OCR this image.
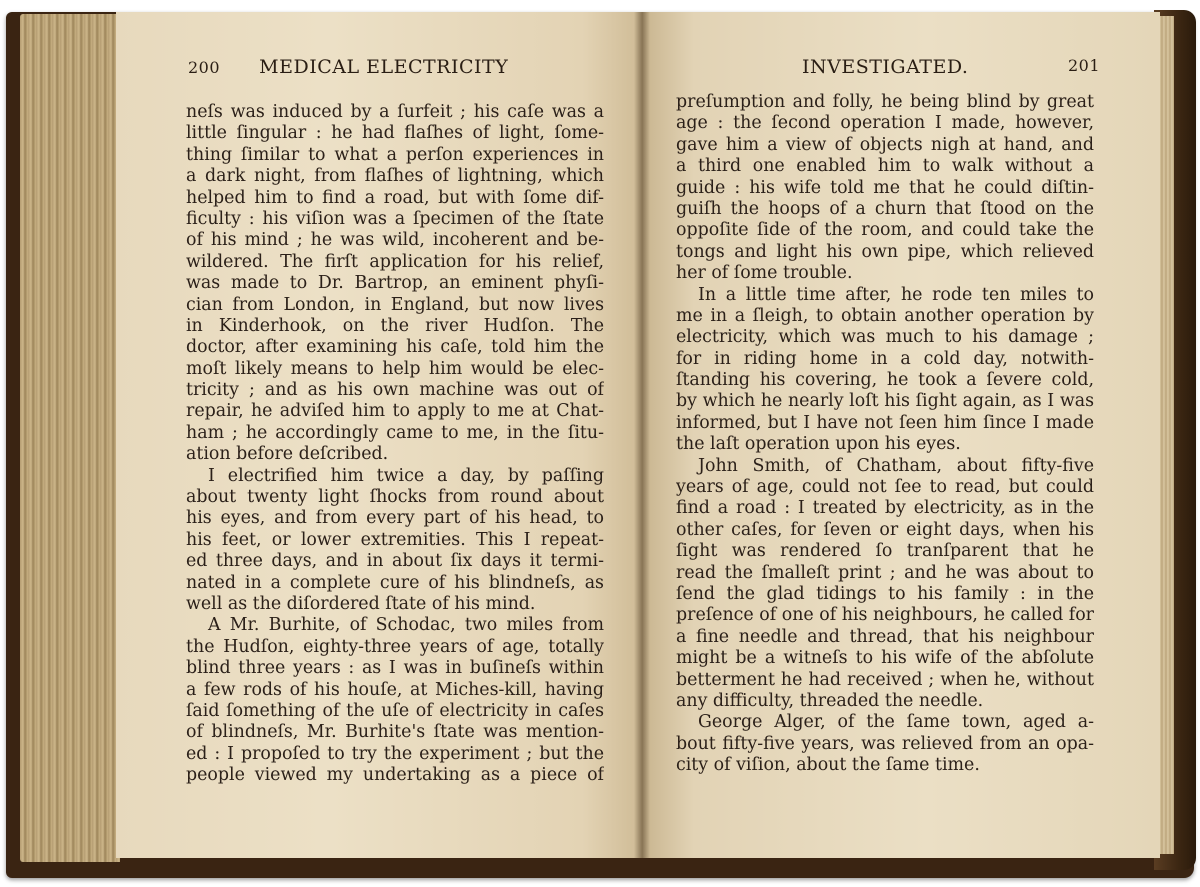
200 MEDICAL ELECTRICITY
neſs was induced by a ſurfeit ; his caſe was a
little ſingular : he had flaſhes of light, ſome-
thing ſimilar to what a perſon experiences in
a dark night, from flaſhes of lightning, which
helped him to find a road, but with ſome dif-
ficulty : his viſion was a ſpecimen of the ſtate
of his mind ; he was wild, incoherent and be-
wildered. The firſt application for his relief,
was made to Dr. Bartrop, an eminent phyſi-
cian from London, in England, but now lives
in Kinderhook, on the river Hudſon. The
doctor, after examining his caſe, told him the
moſt likely means to help him would be elec-
tricity ; and as his own machine was out of
repair, he adviſed him to apply to me at Chat-
ham ; he accordingly came to me, in the ſitu-
ation before deſcribed.
I electrified him twice a day, by paſſing
about twenty light ſhocks from round about
his eyes, and from every part of his head, to
his feet, or lower extremities. This I repeat-
ed three days, and in about ſix days it termi-
nated in a complete cure of his blindneſs, as
well as the diſordered ſtate of his mind.
A Mr. Burhite, of Schodac, two miles from
the Hudſon, eighty-three years of age, totally
blind three years : as I was in buſineſs within
a few rods of his houſe, at Miches-kill, having
ſaid ſomething of the uſe of electricity in caſes
of blindneſs, Mr. Burhite's ſtate was mention-
ed : I propoſed to try the experiment ; but the
people viewed my undertaking as a piece of
INVESTIGATED.	201
preſumption and folly, he being blind by great
age : the ſecond operation I made, however,
gave him a view of objects nigh at hand, and
a third one enabled him to walk without a
guide : his wife told me that he could diſtin-
guiſh the hoops of a churn that ſtood on the
oppoſite ſide of the room, and could take the
tongs and light his own pipe, which relieved
her of ſome trouble.
In a little time after, he rode ten miles to
me in a ſleigh, to obtain another operation by
electricity, which was much to his damage ;
for in riding home in a cold day, notwith-
ſtanding his covering, he took a ſevere cold,
by which he nearly loſt his ſight again, as I was
informed, but I have not ſeen him ſince I made
the laſt operation upon his eyes.
John Smith, of Chatham, about fifty-five
years of age, could not ſee to read, but could
find a road : I treated by electricity, as in the
other caſes, for ſeven or eight days, when his
ſight was rendered ſo tranſparent that he
read the ſmalleſt print ; and he was about to
ſend the glad tidings to his family : in the
preſence of one of his neighbours, he called for
a fine needle and thread, that his neighbour
might be a witneſs to his wife of the abſolute
betterment he had received ; when he, without
any difficulty, threaded the needle.
George Alger, of the ſame town, aged a-
bout fifty-five years, was relieved from an opa-
city of viſion, about the ſame time.
